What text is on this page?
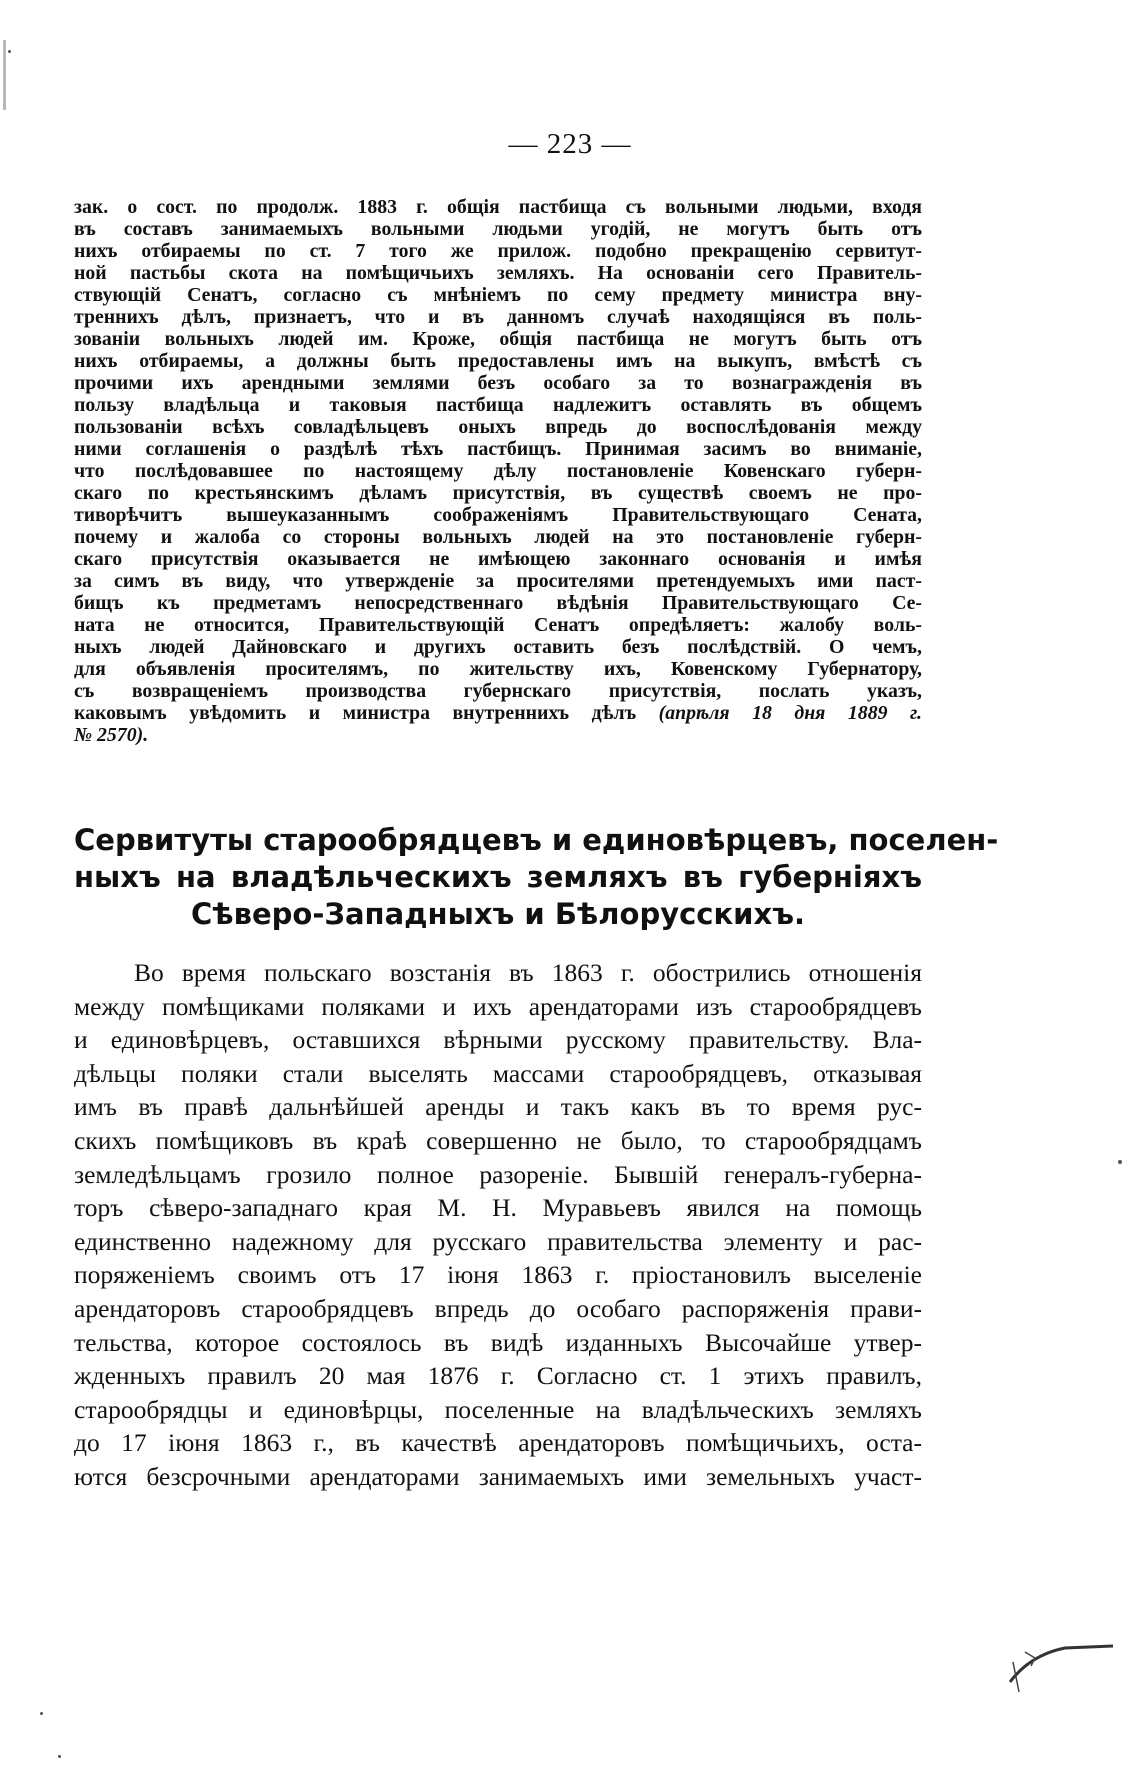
— 223 —
зак. о сост. по продолж. 1883 г. общія пастбища съ вольными людьми, входя
въ составъ занимаемыхъ вольными людьми угодій, не могутъ быть отъ
нихъ отбираемы по ст. 7 того же прилож. подобно прекращенію сервитут-
ной пастьбы скота на помѣщичьихъ земляхъ. На основаніи сего Правитель-
ствующій Сенатъ, согласно съ мнѣніемъ по сему предмету министра вну-
треннихъ дѣлъ, признаетъ, что и въ данномъ случаѣ находящіяся въ поль-
зованіи вольныхъ людей им. Кроже, общія пастбища не могутъ быть отъ
нихъ отбираемы, а должны быть предоставлены имъ на выкупъ, вмѣстѣ съ
прочими ихъ арендными землями безъ особаго за то вознагражденія въ
пользу владѣльца и таковыя пастбища надлежитъ оставлять въ общемъ
пользованіи всѣхъ совладѣльцевъ оныхъ впредь до воспослѣдованія между
ними соглашенія о раздѣлѣ тѣхъ пастбищъ. Принимая засимъ во вниманіе,
что послѣдовавшее по настоящему дѣлу постановленіе Ковенскаго губерн-
скаго по крестьянскимъ дѣламъ присутствія, въ существѣ своемъ не про-
тиворѣчитъ вышеуказаннымъ соображеніямъ Правительствующаго Сената,
почему и жалоба со стороны вольныхъ людей на это постановленіе губерн-
скаго присутствія оказывается не имѣющею законнаго основанія и имѣя
за симъ въ виду, что утвержденіе за просителями претендуемыхъ ими паст-
бищъ къ предметамъ непосредственнаго вѣдѣнія Правительствующаго Се-
ната не относится, Правительствующій Сенатъ опредѣляетъ: жалобу воль-
ныхъ людей Дайновскаго и другихъ оставить безъ послѣдствій. О чемъ,
для объявленія просителямъ, по жительству ихъ, Ковенскому Губернатору,
съ возвращеніемъ производства губернскаго присутствія, послать указъ,
каковымъ увѣдомить и министра внутреннихъ дѣлъ (апрѣля 18 дня 1889 г.
№ 2570).
Сервитуты старообрядцевъ и единовѣрцевъ, поселен-
ныхъ на владѣльческихъ земляхъ въ губерніяхъ
Сѣверо-Западныхъ и Бѣлорусскихъ.
Во время польскаго возстанія въ 1863 г. обострились отношенія
между помѣщиками поляками и ихъ арендаторами изъ старообрядцевъ
и единовѣрцевъ, оставшихся вѣрными русскому правительству. Вла-
дѣльцы поляки стали выселять массами старообрядцевъ, отказывая
имъ въ правѣ дальнѣйшей аренды и такъ какъ въ то время рус-
скихъ помѣщиковъ въ краѣ совершенно не было, то старообрядцамъ
земледѣльцамъ грозило полное разореніе. Бывшій генералъ-губерна-
торъ сѣверо-западнаго края М. Н. Муравьевъ явился на помощь
единственно надежному для русскаго правительства элементу и рас-
поряженіемъ своимъ отъ 17 іюня 1863 г. пріостановилъ выселеніе
арендаторовъ старообрядцевъ впредь до особаго распоряженія прави-
тельства, которое состоялось въ видѣ изданныхъ Высочайше утвер-
жденныхъ правилъ 20 мая 1876 г. Согласно ст. 1 этихъ правилъ,
старообрядцы и единовѣрцы, поселенные на владѣльческихъ земляхъ
до 17 іюня 1863 г., въ качествѣ арендаторовъ помѣщичьихъ, оста-
ются безсрочными арендаторами занимаемыхъ ими земельныхъ участ-
